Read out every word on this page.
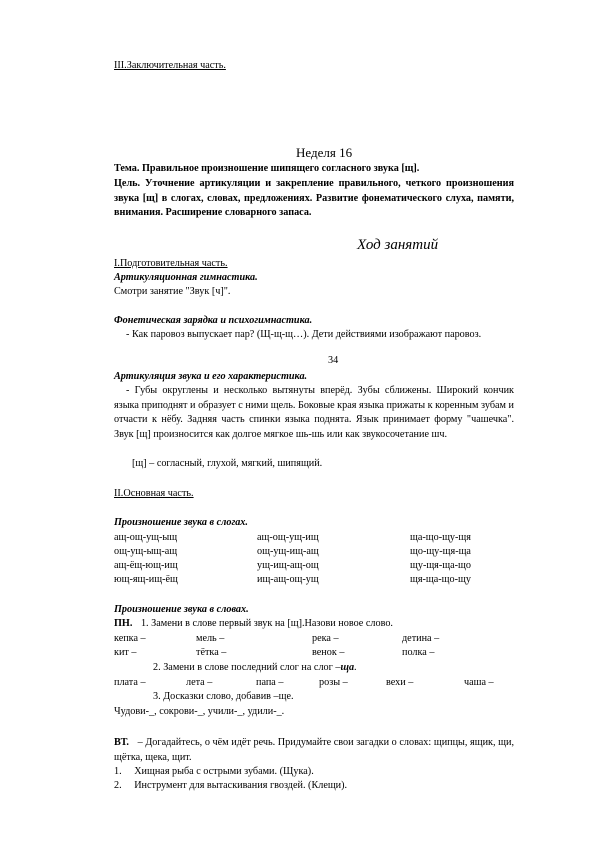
III.Заключительная часть.
Неделя 16
Тема. Правильное произношение шипящего согласного звука [щ].
Цель. Уточнение артикуляции и закрепление правильного, четкого произношения звука [щ] в слогах, словах, предложениях. Развитие фонематического слуха, памяти, внимания. Расширение словарного запаса.
Ход занятий
I.Подготовительная часть.
Артикуляционная гимнастика.
Смотри занятие "Звук [ч]".
Фонетическая зарядка и психогимнастика.
- Как паровоз выпускает пар? (Щ-щ-щ…). Дети действиями изображают паровоз.
34
Артикуляция звука и его характеристика.
- Губы округлены и несколько вытянуты вперёд. Зубы сближены. Широкий кончик языка приподнят и образует с ними щель. Боковые края языка прижаты к коренным зубам и отчасти к нёбу. Задняя часть спинки языка поднята. Язык принимает форму "чашечка". Звук [щ] произносится как долгое мягкое шь-шь или как звукосочетание шч.
[щ] – согласный, глухой, мягкий, шипящий.
II.Основная часть.
Произношение звука в слогах.
ащ-ощ-ущ-ыщ	ащ-ощ-ущ-ищ	ща-що-щу-щя
ощ-ущ-ыщ-ащ	ощ-ущ-ищ-ащ	що-щу-щя-ща
ащ-ёщ-ющ-ищ	ущ-ищ-ащ-ощ	щу-щя-ща-що
ющ-ящ-ищ-ёщ	ищ-ащ-ощ-ущ	щя-ща-що-щу
Произношение звука в словах.
ПН. 1. Замени в слове первый звук на [щ].Назови новое слово.
кепка –	мель –	река –	детина –
кит –	тётка –	венок –	полка –
2. Замени в слове последний слог на слог –ща.
плата –	лета –	папа –	розы –	вехи –	чаша –
3. Досказки слово, добавив –ще.
Чудови-_, сокрови-_, учили-_, удили-_.
ВТ. – Догадайтесь, о чём идёт речь. Придумайте свои загадки о словах: щипцы, ящик, щи, щётка, щека, щит.
1. Хищная рыба с острыми зубами. (Щука).
2. Инструмент для вытаскивания гвоздей. (Клещи).
